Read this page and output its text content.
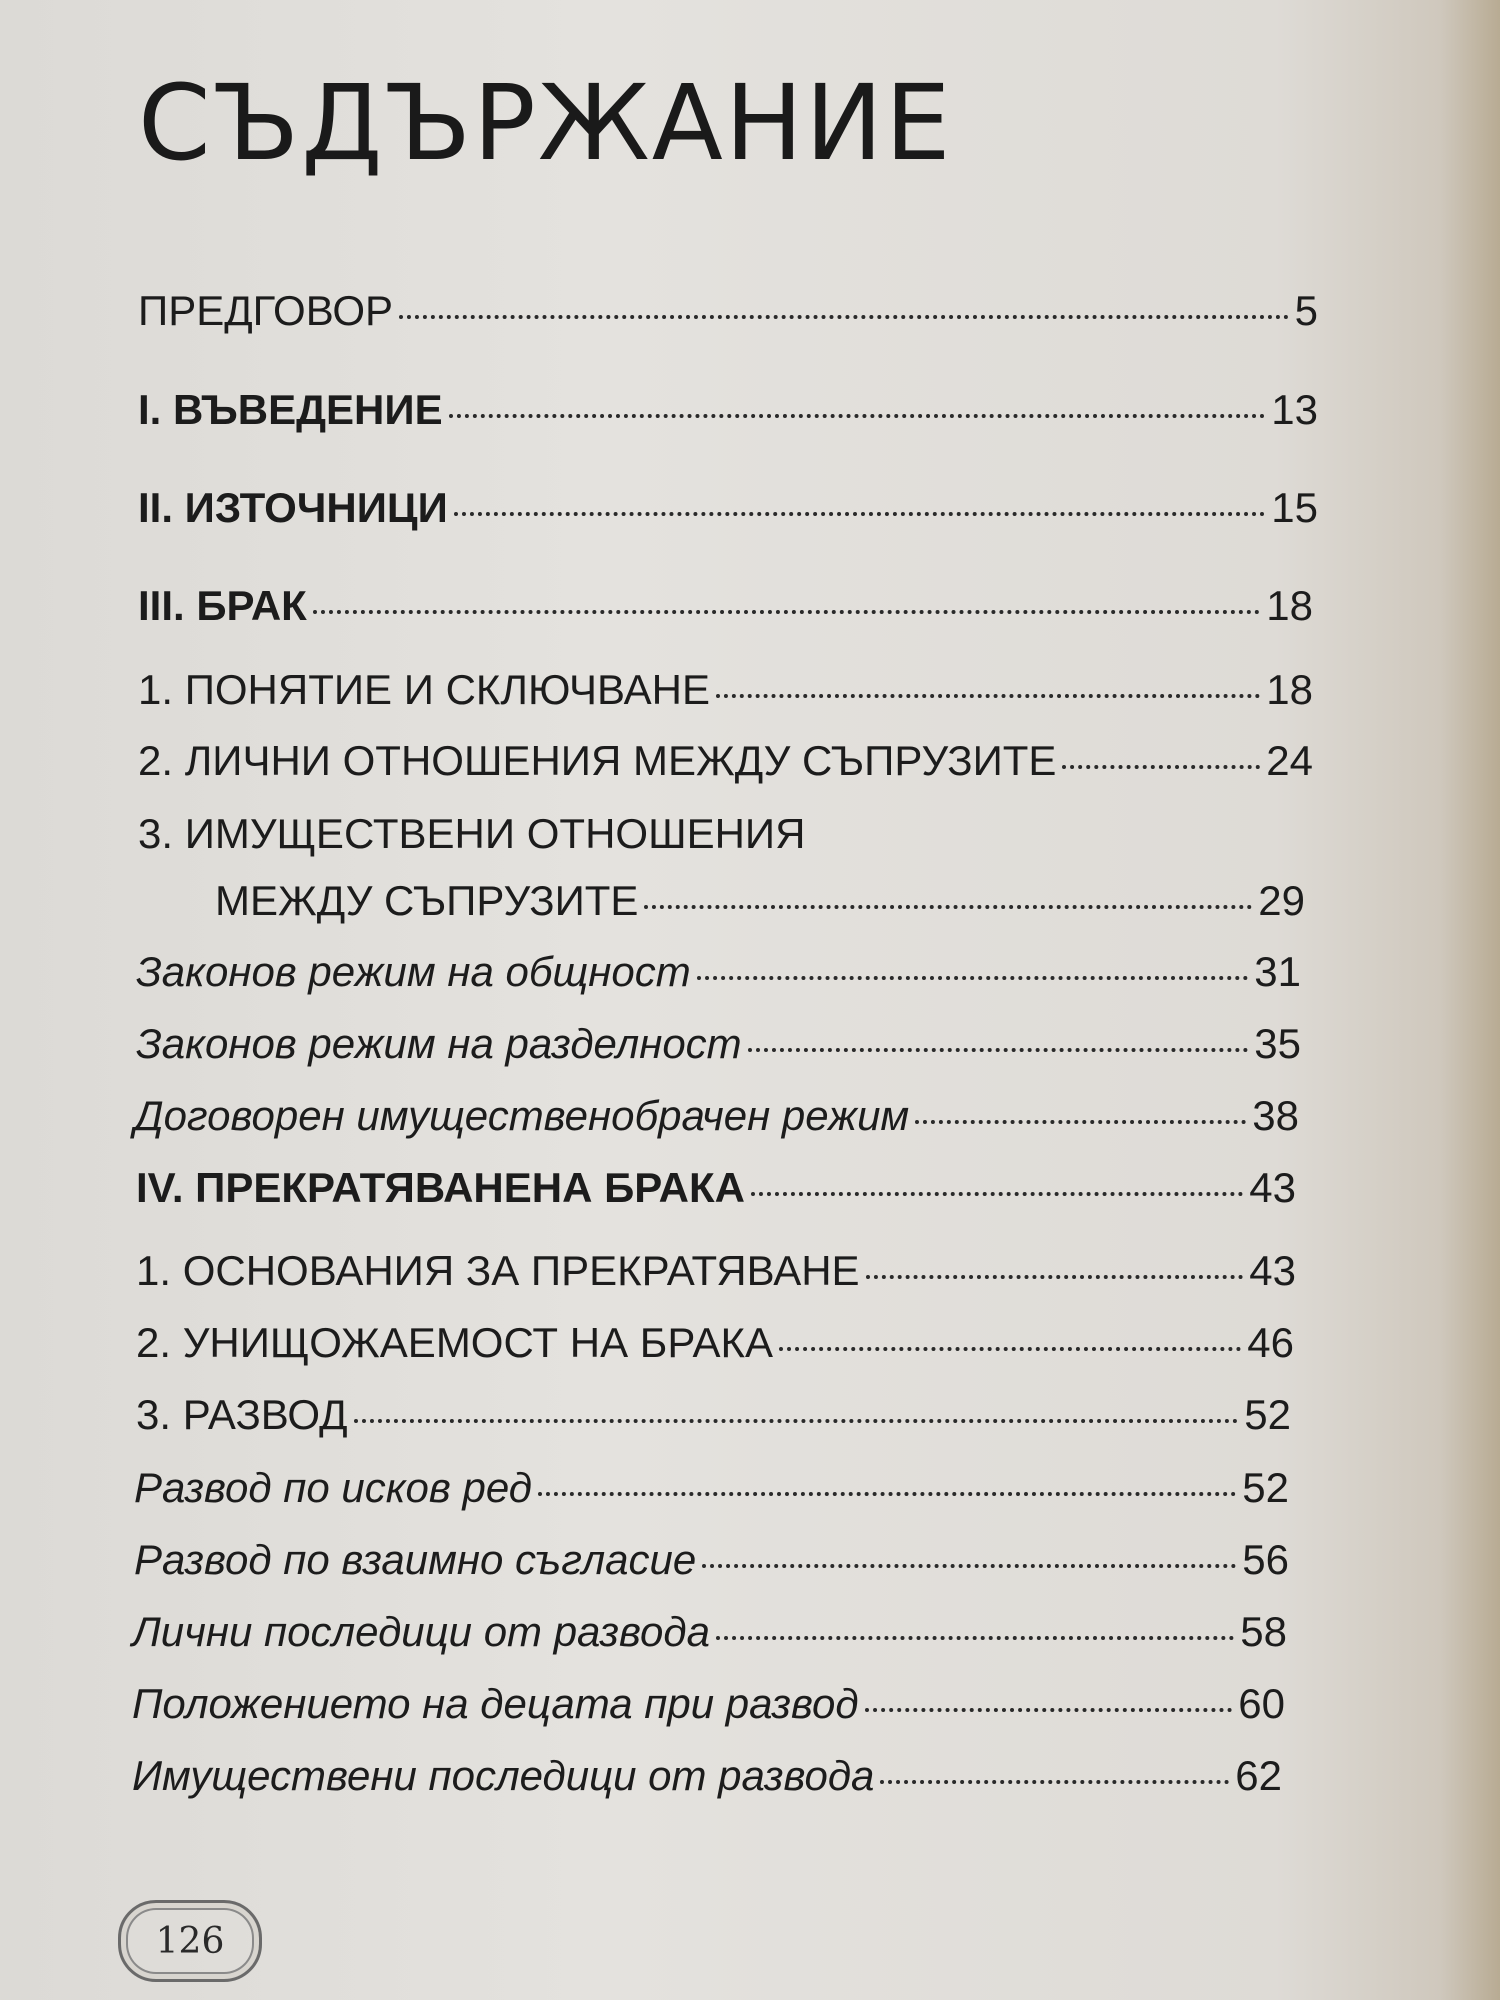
СЪДЪРЖАНИЕ
ПРЕДГОВОР	5
I. ВЪВЕДЕНИЕ	13
II. ИЗТОЧНИЦИ	15
III. БРАК	18
1. ПОНЯТИЕ И СКЛЮЧВАНЕ	18
2. ЛИЧНИ ОТНОШЕНИЯ МЕЖДУ СЪПРУЗИТЕ	24
3. ИМУЩЕСТВЕНИ ОТНОШЕНИЯ
МЕЖДУ СЪПРУЗИТЕ	29
Законов режим на общност	31
Законов режим на разделност	35
Договорен имущественобрачен режим	38
IV. ПРЕКРАТЯВАНЕНА БРАКА	43
1. ОСНОВАНИЯ ЗА ПРЕКРАТЯВАНЕ	43
2. УНИЩОЖАЕМОСТ НА БРАКА	46
3. РАЗВОД	52
Развод по исков ред	52
Развод по взаимно съгласие	56
Лични последици от развода	58
Положението на децата при развод	60
Имуществени последици от развода	62
126
